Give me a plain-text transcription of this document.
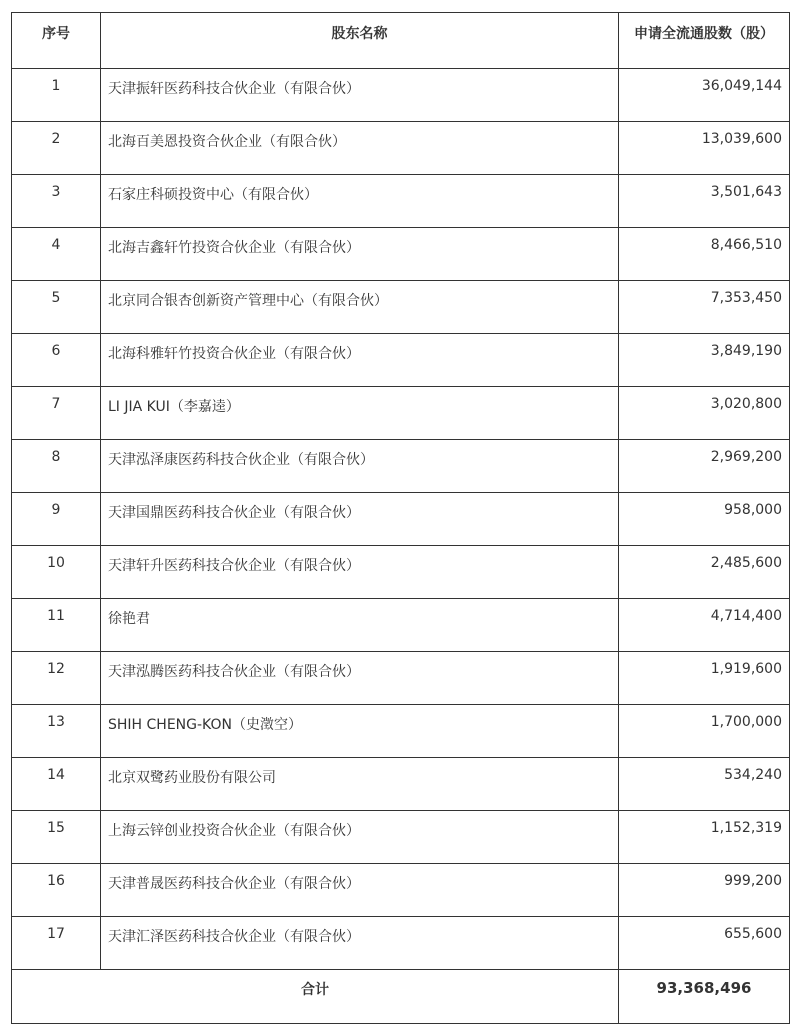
序号	股东名称	申请全流通股数（股）
1	天津振轩医药科技合伙企业（有限合伙）	36,049,144
2	北海百美恩投资合伙企业（有限合伙）	13,039,600
3	石家庄科硕投资中心（有限合伙）	3,501,643
4	北海吉鑫轩竹投资合伙企业（有限合伙）	8,466,510
5	北京同合银杏创新资产管理中心（有限合伙）	7,353,450
6	北海科雅轩竹投资合伙企业（有限合伙）	3,849,190
7	LI JIA KUI（李嘉逵）	3,020,800
8	天津泓泽康医药科技合伙企业（有限合伙）	2,969,200
9	天津国鼎医药科技合伙企业（有限合伙）	958,000
10	天津轩升医药科技合伙企业（有限合伙）	2,485,600
11	徐艳君	4,714,400
12	天津泓腾医药科技合伙企业（有限合伙）	1,919,600
13	SHIH CHENG-KON（史澂空）	1,700,000
14	北京双鹭药业股份有限公司	534,240
15	上海云锌创业投资合伙企业（有限合伙）	1,152,319
16	天津普晟医药科技合伙企业（有限合伙）	999,200
17	天津汇泽医药科技合伙企业（有限合伙）	655,600
合计		93,368,496
